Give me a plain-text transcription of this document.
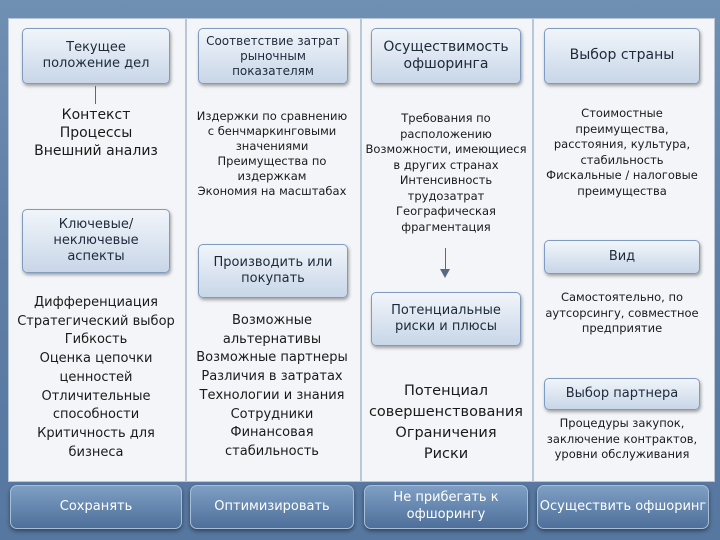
Текущее положение дел
Контекст
Процессы
Внешний анализ
Ключевые/ неключевые аспекты
Дифференциация
Стратегический выбор
Гибкость
Оценка цепочки ценностей
Отличительные способности
Критичность для бизнеса
Сохранять
Соответствие затрат рыночным показателям
Издержки по сравнению с бенчмаркинговыми значениями
Преимущества по издержкам
Экономия на масштабах
Производить или покупать
Возможные альтернативы
Возможные партнеры
Различия в затратах
Технологии и знания
Сотрудники
Финансовая стабильность
Оптимизировать
Осуществимость офшоринга
Требования по расположению
Возможности, имеющиеся в других странах
Интенсивность трудозатрат
Географическая фрагментация
Потенциальные риски и плюсы
Потенциал совершенствования
Ограничения
Риски
Не прибегать к офшорингу
Выбор страны
Стоимостные преимущества, расстояния, культура, стабильность
Фискальные / налоговые преимущества
Вид
Самостоятельно, по аутсорсингу, совместное предприятие
Выбор партнера
Процедуры закупок, заключение контрактов, уровни обслуживания
Осуществить офшоринг
